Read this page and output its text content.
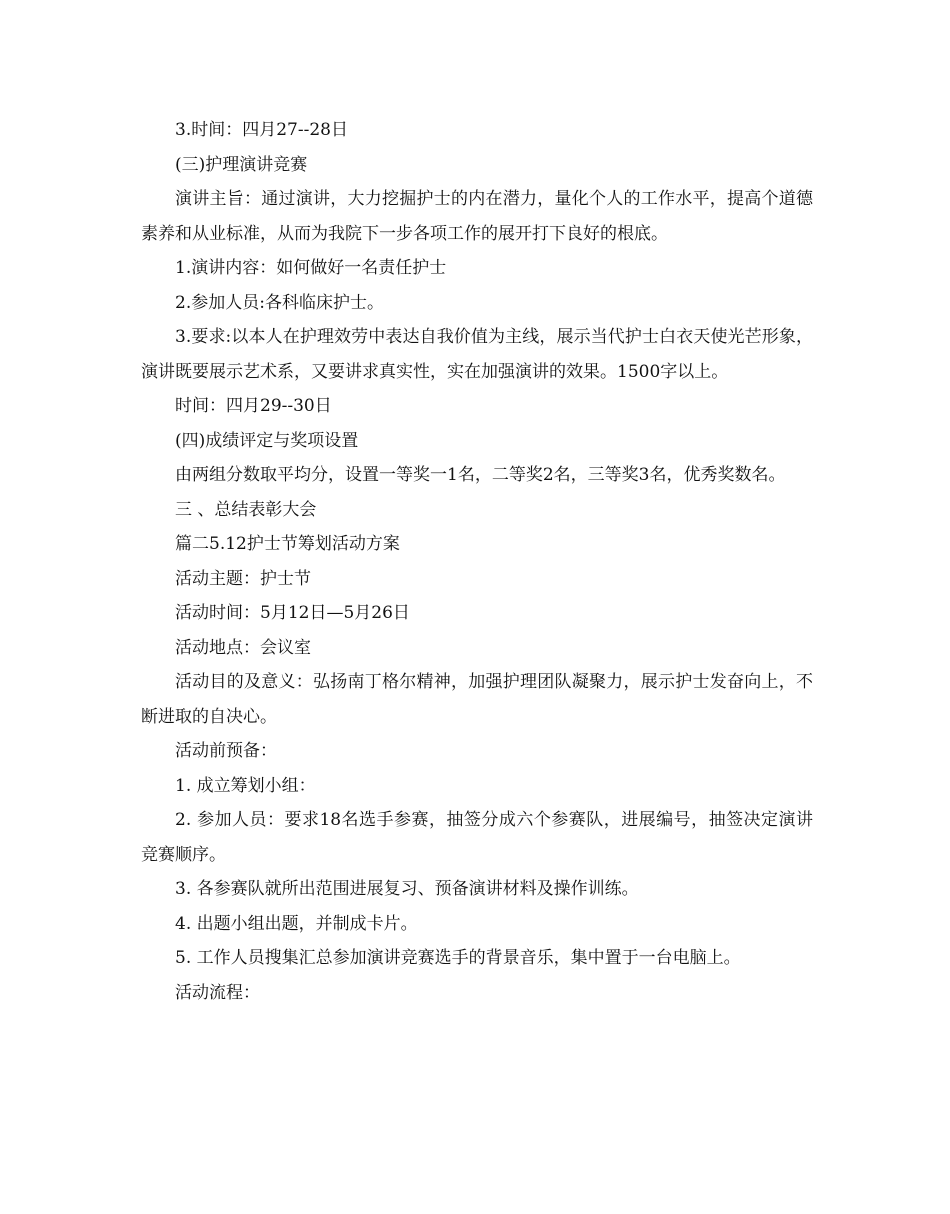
3.时间：四月27--28日

(三)护理演讲竞赛

演讲主旨：通过演讲，大力挖掘护士的内在潜力，量化个人的工作水平，提高个道德素养和从业标准，从而为我院下一步各项工作的展开打下良好的根底。

1.演讲内容：如何做好一名责任护士

2.参加人员:各科临床护士。

3.要求:以本人在护理效劳中表达自我价值为主线，展示当代护士白衣天使光芒形象，演讲既要展示艺术系，又要讲求真实性，实在加强演讲的效果。1500字以上。

时间：四月29--30日

(四)成绩评定与奖项设置

由两组分数取平均分，设置一等奖一1名，二等奖2名，三等奖3名，优秀奖数名。

三 、总结表彰大会

篇二5.12护士节筹划活动方案

活动主题：护士节

活动时间：5月12日—5月26日

活动地点：会议室

活动目的及意义：弘扬南丁格尔精神，加强护理团队凝聚力，展示护士发奋向上，不断进取的自决心。

活动前预备：

1. 成立筹划小组：

2. 参加人员：要求18名选手参赛，抽签分成六个参赛队，进展编号，抽签决定演讲竞赛顺序。

3. 各参赛队就所出范围进展复习、预备演讲材料及操作训练。

4. 出题小组出题，并制成卡片。

5. 工作人员搜集汇总参加演讲竞赛选手的背景音乐，集中置于一台电脑上。

活动流程：
